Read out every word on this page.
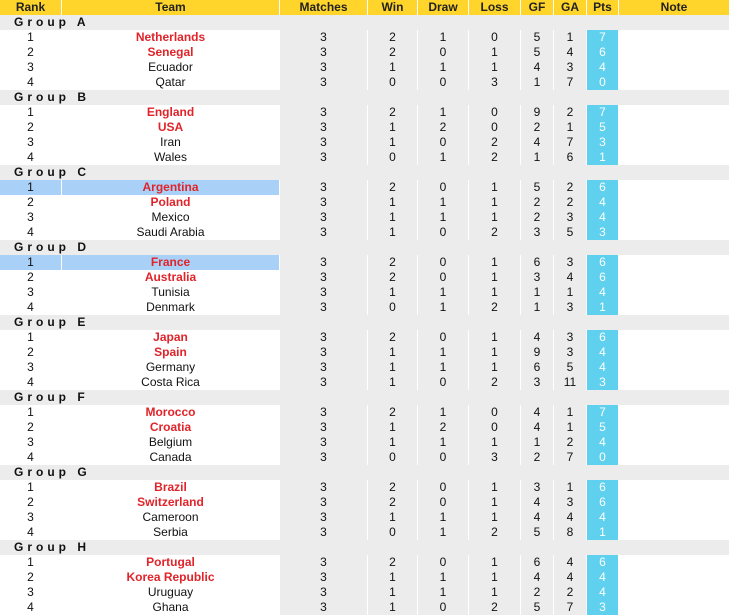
Rank	Team	Matches	Win	Draw	Loss	GF	GA	Pts	Note
Group A									
1	Netherlands	3	2	1	0	5	1	7	
2	Senegal	3	2	0	1	5	4	6	
3	Ecuador	3	1	1	1	4	3	4	
4	Qatar	3	0	0	3	1	7	0	
Group B									
1	England	3	2	1	0	9	2	7	
2	USA	3	1	2	0	2	1	5	
3	Iran	3	1	0	2	4	7	3	
4	Wales	3	0	1	2	1	6	1	
Group C									
1	Argentina	3	2	0	1	5	2	6	
2	Poland	3	1	1	1	2	2	4	
3	Mexico	3	1	1	1	2	3	4	
4	Saudi Arabia	3	1	0	2	3	5	3	
Group D									
1	France	3	2	0	1	6	3	6	
2	Australia	3	2	0	1	3	4	6	
3	Tunisia	3	1	1	1	1	1	4	
4	Denmark	3	0	1	2	1	3	1	
Group E									
1	Japan	3	2	0	1	4	3	6	
2	Spain	3	1	1	1	9	3	4	
3	Germany	3	1	1	1	6	5	4	
4	Costa Rica	3	1	0	2	3	11	3	
Group F									
1	Morocco	3	2	1	0	4	1	7	
2	Croatia	3	1	2	0	4	1	5	
3	Belgium	3	1	1	1	1	2	4	
4	Canada	3	0	0	3	2	7	0	
Group G									
1	Brazil	3	2	0	1	3	1	6	
2	Switzerland	3	2	0	1	4	3	6	
3	Cameroon	3	1	1	1	4	4	4	
4	Serbia	3	0	1	2	5	8	1	
Group H									
1	Portugal	3	2	0	1	6	4	6	
2	Korea Republic	3	1	1	1	4	4	4	
3	Uruguay	3	1	1	1	2	2	4	
4	Ghana	3	1	0	2	5	7	3	
